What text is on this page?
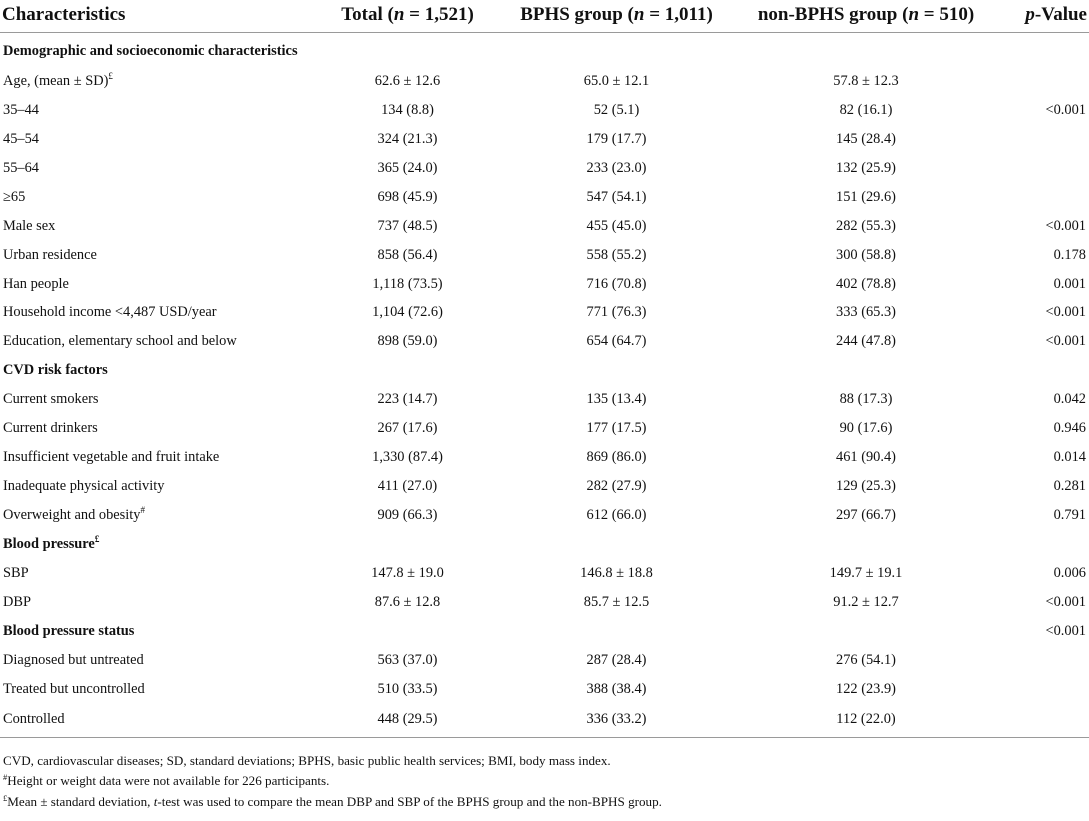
Characteristics	Total (n = 1,521)	BPHS group (n = 1,011)	non-BPHS group (n = 510)	p-Value
Demographic and socioeconomic characteristics				
Age, (mean ± SD)£	62.6 ± 12.6	65.0 ± 12.1	57.8 ± 12.3	
35–44	134 (8.8)	52 (5.1)	82 (16.1)	<0.001
45–54	324 (21.3)	179 (17.7)	145 (28.4)	
55–64	365 (24.0)	233 (23.0)	132 (25.9)	
≥65	698 (45.9)	547 (54.1)	151 (29.6)	
Male sex	737 (48.5)	455 (45.0)	282 (55.3)	<0.001
Urban residence	858 (56.4)	558 (55.2)	300 (58.8)	0.178
Han people	1,118 (73.5)	716 (70.8)	402 (78.8)	0.001
Household income <4,487 USD/year	1,104 (72.6)	771 (76.3)	333 (65.3)	<0.001
Education, elementary school and below	898 (59.0)	654 (64.7)	244 (47.8)	<0.001
CVD risk factors				
Current smokers	223 (14.7)	135 (13.4)	88 (17.3)	0.042
Current drinkers	267 (17.6)	177 (17.5)	90 (17.6)	0.946
Insufficient vegetable and fruit intake	1,330 (87.4)	869 (86.0)	461 (90.4)	0.014
Inadequate physical activity	411 (27.0)	282 (27.9)	129 (25.3)	0.281
Overweight and obesity#	909 (66.3)	612 (66.0)	297 (66.7)	0.791
Blood pressure£				
SBP	147.8 ± 19.0	146.8 ± 18.8	149.7 ± 19.1	0.006
DBP	87.6 ± 12.8	85.7 ± 12.5	91.2 ± 12.7	<0.001
Blood pressure status				<0.001
Diagnosed but untreated	563 (37.0)	287 (28.4)	276 (54.1)	
Treated but uncontrolled	510 (33.5)	388 (38.4)	122 (23.9)	
Controlled	448 (29.5)	336 (33.2)	112 (22.0)	
CVD, cardiovascular diseases; SD, standard deviations; BPHS, basic public health services; BMI, body mass index.
#Height or weight data were not available for 226 participants.
£Mean ± standard deviation, t-test was used to compare the mean DBP and SBP of the BPHS group and the non-BPHS group.
